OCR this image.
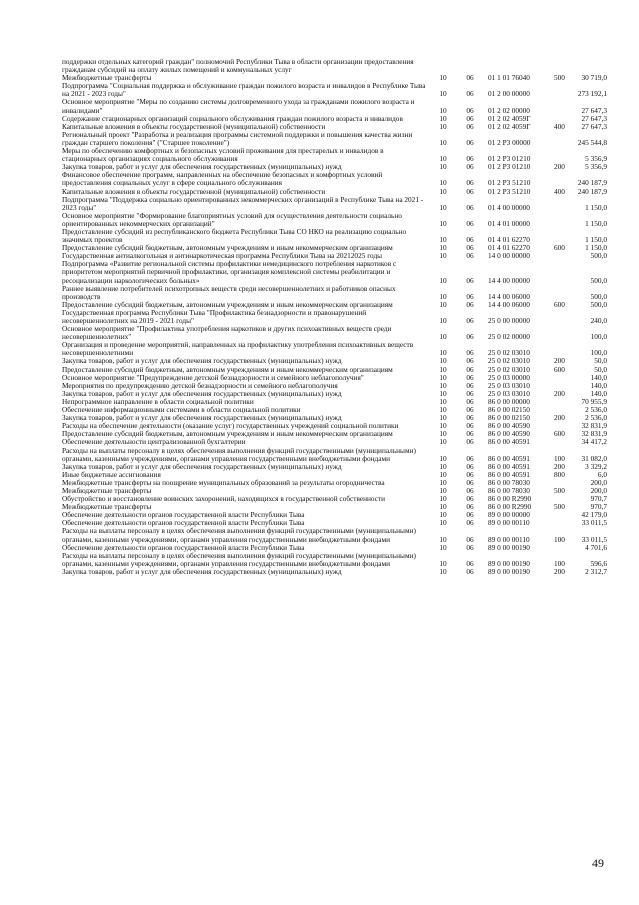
поддержки отдельных категорий граждан" полномочий Республики Тыва в области организации предоставления гражданам субсидий на оплату жилых помещений и коммунальных услуг					
Межбюджетные трансферты	10	06	01 1 01 76040	500	30 719,0
Подпрограмма "Социальная поддержка и обслуживание граждан пожилого возраста и инвалидов в Республике Тыва на 2021 - 2023 годы"	10	06	01 2 00 00000		273 192,1
Основное мероприятие "Меры по созданию системы долговременного ухода за гражданами пожилого возраста и инвалидами"	10	06	01 2 02 00000		27 647,3
Содержание стационарных организаций социального обслуживания граждан пожилого возраста и инвалидов	10	06	01 2 02 4059Г		27 647,3
Капитальные вложения в объекты государственной (муниципальной) собственности	10	06	01 2 02 4059Г	400	27 647,3
Региональный проект "Разработка и реализация программы системной поддержки и повышения качества жизни граждан старшего поколения" ("Старшее поколение")	10	06	01 2 P3 00000		245 544,8
Меры по обеспечению комфортных и безопасных условий проживания для престарелых и инвалидов в стационарных организациях социального обслуживания	10	06	01 2 P3 01210		5 356,9
Закупка товаров, работ и услуг для обеспечения государственных (муниципальных) нужд	10	06	01 2 P3 01210	200	5 356,9
Финансовое обеспечение программ, направленных на обеспечение безопасных и комфортных условий предоставления социальных услуг в сфере социального обслуживания	10	06	01 2 P3 51210		240 187,9
Капитальные вложения в объекты государственной (муниципальной) собственности	10	06	01 2 P3 51210	400	240 187,9
Подпрограмма "Поддержка социально ориентированных некоммерческих организаций в Республике Тыва на 2021 - 2023 годы"	10	06	01 4 00 00000		1 150,0
Основное мероприятие "Формирование благоприятных условий для осуществления деятельности социально ориентированных некоммерческих организаций"	10	06	01 4 01 00000		1 150,0
Предоставление субсидий из республиканского бюджета Республики Тыва СО НКО на реализацию социально значимых проектов	10	06	01 4 01 62270		1 150,0
Предоставление субсидий бюджетным, автономным учреждениям и иным некоммерческим организациям	10	06	01 4 01 62270	600	1 150,0
Государственная антиалкогольная и антинаркотическая программа Республики Тыва на 20212025 годы	10	06	14 0 00 00000		500,0
Подпрограмма «Развитие региональной системы профилактики немедицинского потребления наркотиков с приоритетом мероприятий первичной профилактики, организация комплексной системы реабилитации и ресоциализации наркологических больных»	10	06	14 4 00 00000		500,0
Раннее выявление потребителей психотропных веществ среди несовершеннолетних и работников опасных производств	10	06	14 4 00 06000		500,0
Предоставление субсидий бюджетным, автономным учреждениям и иным некоммерческим организациям	10	06	14 4 00 06000	600	500,0
Государственная программа Республики Тыва "Профилактика безнадзорности и правонарушений несовершеннолетних на 2019 - 2021 годы"	10	06	25 0 00 00000		240,0
Основное мероприятие "Профилактика употребления наркотиков и других психоактивных веществ среди несовершеннолетних"	10	06	25 0 02 00000		100,0
Организация и проведение мероприятий, направленных на профилактику употребления психоактивных веществ несовершеннолетними	10	06	25 0 02 03010		100,0
Закупка товаров, работ и услуг для обеспечения государственных (муниципальных) нужд	10	06	25 0 02 03010	200	50,0
Предоставление субсидий бюджетным, автономным учреждениям и иным некоммерческим организациям	10	06	25 0 02 03010	600	50,0
Основное мероприятие "Предупреждение детской безнадзорности и семейного неблагополучия"	10	06	25 0 03 00000		140,0
Мероприятия по предупреждению детской безнадзорности и семейного неблагополучия	10	06	25 0 03 03010		140,0
Закупка товаров, работ и услуг для обеспечения государственных (муниципальных) нужд	10	06	25 0 03 03010	200	140,0
Непрограммное направление в области социальной политики	10	06	86 0 00 00000		70 955,9
Обеспечение информационными системами в области социальной политики	10	06	86 0 00 02150		2 536,0
Закупка товаров, работ и услуг для обеспечения государственных (муниципальных) нужд	10	06	86 0 00 02150	200	2 536,0
Расходы на обеспечение деятельности (оказание услуг) государственных учреждений социальной политики	10	06	86 0 00 40590		32 831,9
Предоставление субсидий бюджетным, автономным учреждениям и иным некоммерческим организациям	10	06	86 0 00 40590	600	32 831,9
Обеспечение деятельности централизованной бухгалтерии	10	06	86 0 00 40591		34 417,2
Расходы на выплаты персоналу в целях обеспечения выполнения функций государственными (муниципальными) органами, казенными учреждениями, органами управления государственными внебюджетными фондами	10	06	86 0 00 40591	100	31 082,0
Закупка товаров, работ и услуг для обеспечения государственных (муниципальных) нужд	10	06	86 0 00 40591	200	3 329,2
Иные бюджетные ассигнования	10	06	86 0 00 40591	800	6,0
Межбюджетные трансферты на поощрение муниципальных образований за результаты огородничества	10	06	86 0 00 78030		200,0
Межбюджетные трансферты	10	06	86 0 00 78030	500	200,0
Обустройство и восстановление воинских захоронений, находящихся в государственной собственности	10	06	86 0 00 R2990		970,7
Межбюджетные трансферты	10	06	86 0 00 R2990	500	970,7
Обеспечение деятельности органов государственной власти Республики Тыва	10	06	89 0 00 00000		42 179,0
Обеспечение деятельности органов государственной власти Республики Тыва	10	06	89 0 00 00110		33 011,5
Расходы на выплаты персоналу в целях обеспечения выполнения функций государственными (муниципальными) органами, казенными учреждениями, органами управления государственными внебюджетными фондами	10	06	89 0 00 00110	100	33 011,5
Обеспечение деятельности органов государственной власти Республики Тыва	10	06	89 0 00 00190		4 701,6
Расходы на выплаты персоналу в целях обеспечения выполнения функций государственными (муниципальными) органами, казенными учреждениями, органами управления государственными внебюджетными фондами	10	06	89 0 00 00190	100	596,6
Закупка товаров, работ и услуг для обеспечения государственных (муниципальных) нужд	10	06	89 0 00 00190	200	2 312,7
49
